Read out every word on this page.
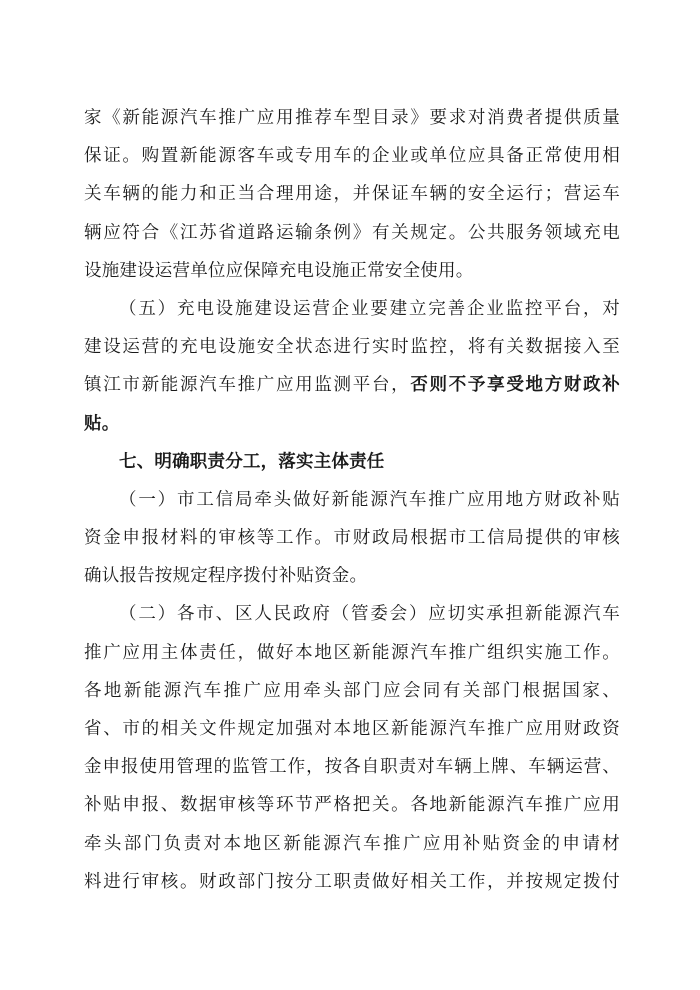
家《新能源汽车推广应用推荐车型目录》要求对消费者提供质量
保证。购置新能源客车或专用车的企业或单位应具备正常使用相
关车辆的能力和正当合理用途，并保证车辆的安全运行；营运车
辆应符合《江苏省道路运输条例》有关规定。公共服务领域充电
设施建设运营单位应保障充电设施正常安全使用。
（五）充电设施建设运营企业要建立完善企业监控平台，对
建设运营的充电设施安全状态进行实时监控，将有关数据接入至
镇江市新能源汽车推广应用监测平台，否则不予享受地方财政补
贴。
七、明确职责分工，落实主体责任
（一）市工信局牵头做好新能源汽车推广应用地方财政补贴
资金申报材料的审核等工作。市财政局根据市工信局提供的审核
确认报告按规定程序拨付补贴资金。
（二）各市、区人民政府（管委会）应切实承担新能源汽车
推广应用主体责任，做好本地区新能源汽车推广组织实施工作。
各地新能源汽车推广应用牵头部门应会同有关部门根据国家、
省、市的相关文件规定加强对本地区新能源汽车推广应用财政资
金申报使用管理的监管工作，按各自职责对车辆上牌、车辆运营、
补贴申报、数据审核等环节严格把关。各地新能源汽车推广应用
牵头部门负责对本地区新能源汽车推广应用补贴资金的申请材
料进行审核。财政部门按分工职责做好相关工作，并按规定拨付
